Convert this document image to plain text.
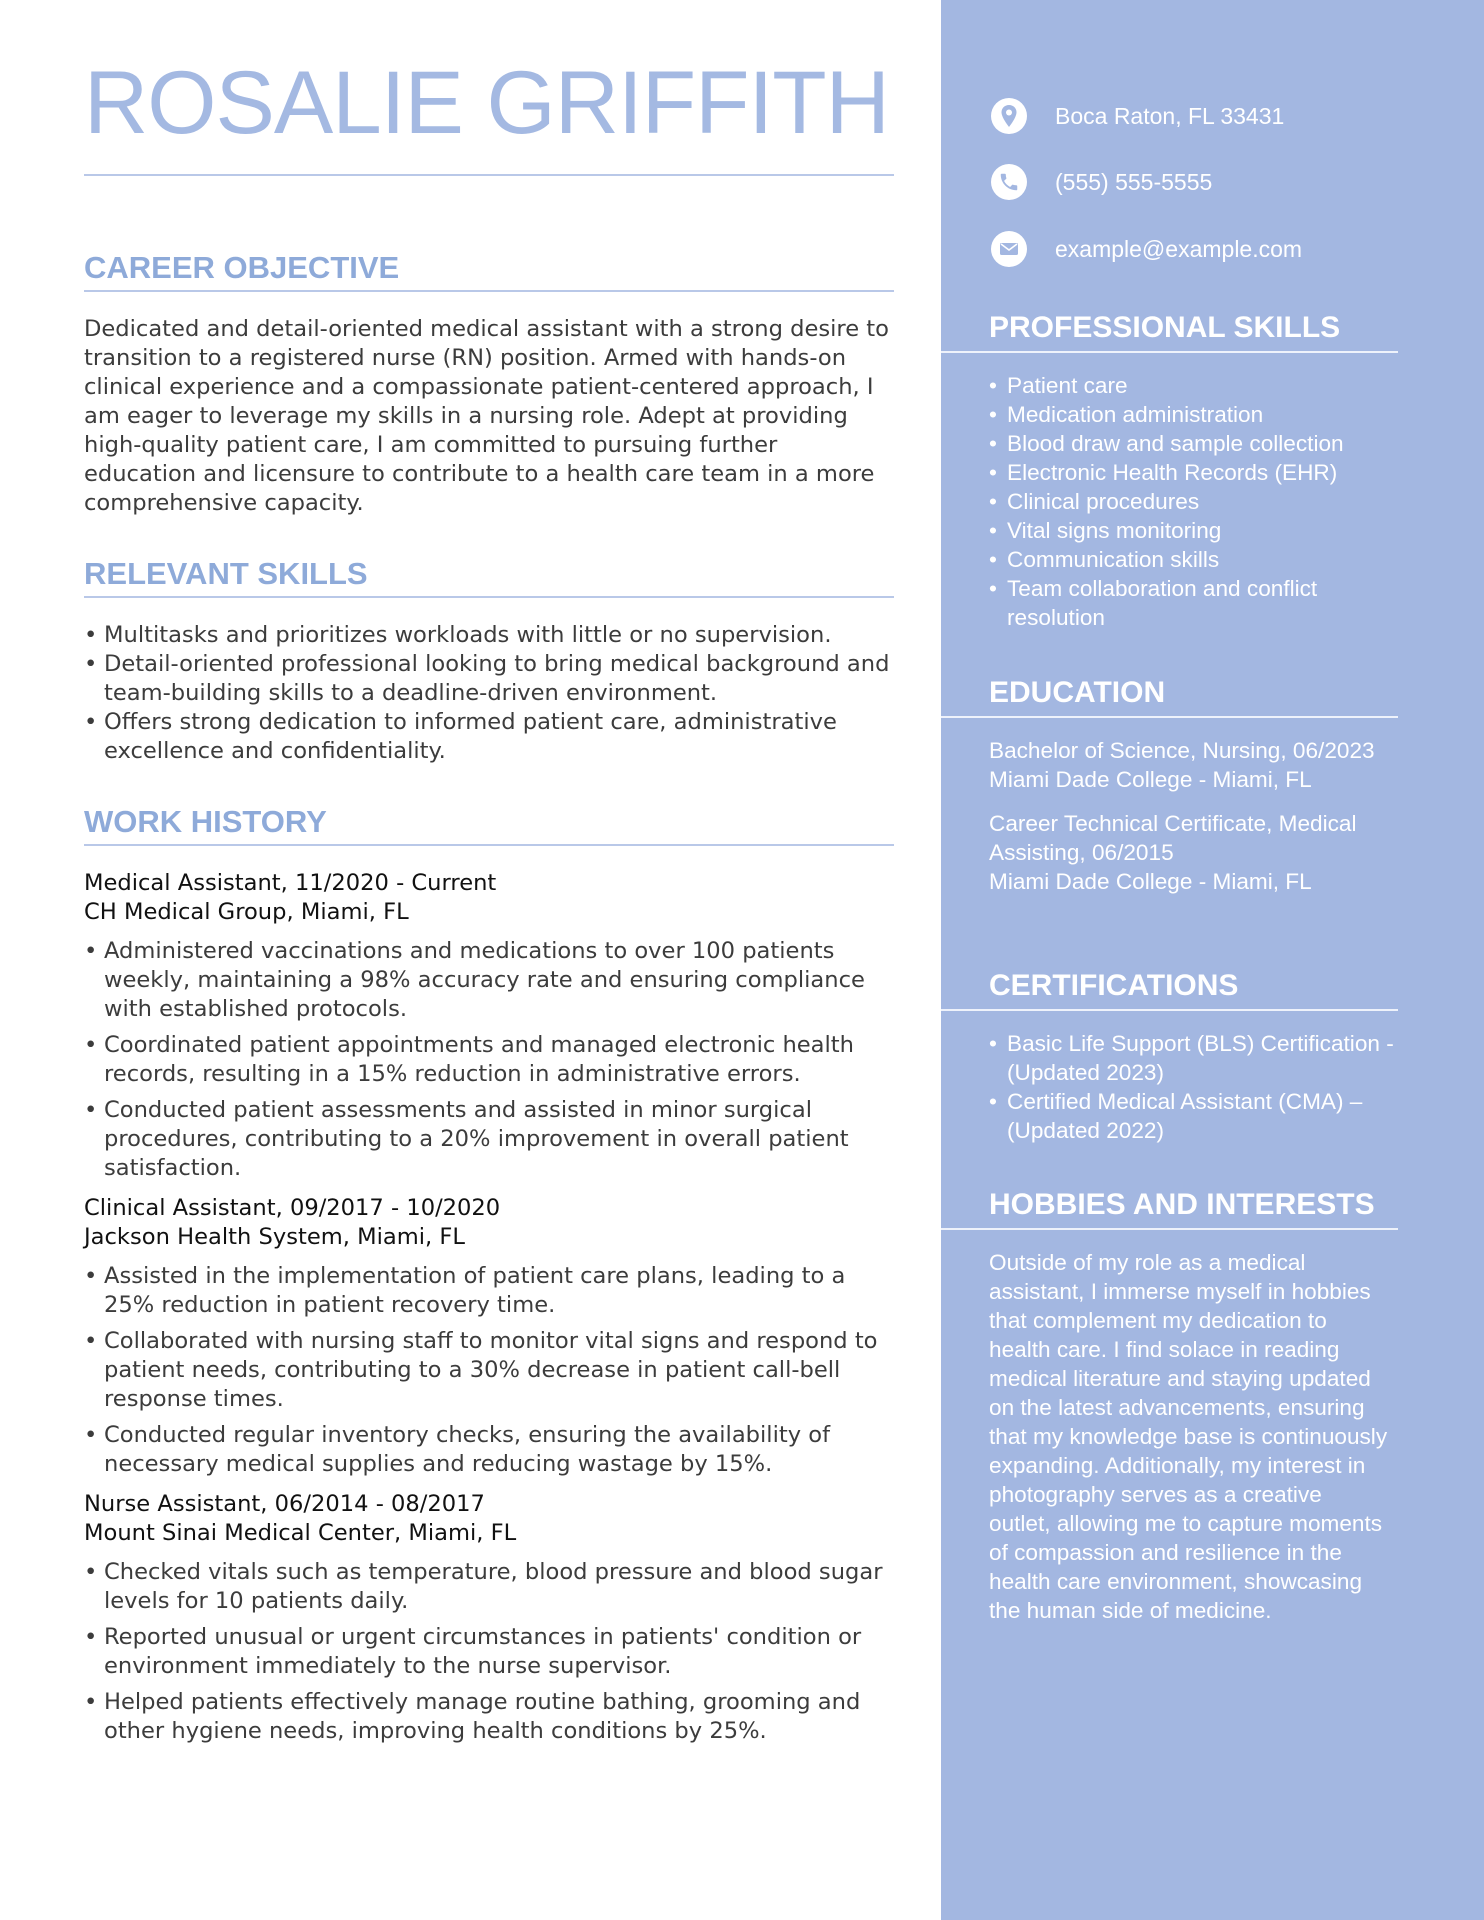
ROSALIE GRIFFITH
CAREER OBJECTIVE

Dedicated and detail-oriented medical assistant with a strong desire to transition to a registered nurse (RN) position. Armed with hands-on clinical experience and a compassionate patient-centered approach, I am eager to leverage my skills in a nursing role. Adept at providing high-quality patient care, I am committed to pursuing further education and licensure to contribute to a health care team in a more comprehensive capacity.

RELEVANT SKILLS
• Multitasks and prioritizes workloads with little or no supervision.
• Detail-oriented professional looking to bring medical background and team-building skills to a deadline-driven environment.
• Offers strong dedication to informed patient care, administrative excellence and confidentiality.
WORK HISTORY
Medical Assistant, 11/2020 - Current
CH Medical Group, Miami, FL
• Administered vaccinations and medications to over 100 patients weekly, maintaining a 98% accuracy rate and ensuring compliance with established protocols.
• Coordinated patient appointments and managed electronic health records, resulting in a 15% reduction in administrative errors.
• Conducted patient assessments and assisted in minor surgical procedures, contributing to a 20% improvement in overall patient satisfaction.
Clinical Assistant, 09/2017 - 10/2020
Jackson Health System, Miami, FL
• Assisted in the implementation of patient care plans, leading to a 25% reduction in patient recovery time.
• Collaborated with nursing staff to monitor vital signs and respond to patient needs, contributing to a 30% decrease in patient call-bell response times.
• Conducted regular inventory checks, ensuring the availability of necessary medical supplies and reducing wastage by 15%.
Nurse Assistant, 06/2014 - 08/2017
Mount Sinai Medical Center, Miami, FL
• Checked vitals such as temperature, blood pressure and blood sugar levels for 10 patients daily.
• Reported unusual or urgent circumstances in patients' condition or environment immediately to the nurse supervisor.
• Helped patients effectively manage routine bathing, grooming and other hygiene needs, improving health conditions by 25%.
Boca Raton, FL 33431
(555) 555-5555
example@example.com
PROFESSIONAL SKILLS
• Patient care
• Medication administration
• Blood draw and sample collection
• Electronic Health Records (EHR)
• Clinical procedures
• Vital signs monitoring
• Communication skills
• Team collaboration and conflict resolution
EDUCATION
Bachelor of Science, Nursing, 06/2023
Miami Dade College - Miami, FL
Career Technical Certificate, Medical Assisting, 06/2015
Miami Dade College - Miami, FL
CERTIFICATIONS
• Basic Life Support (BLS) Certification - (Updated 2023)
• Certified Medical Assistant (CMA) – (Updated 2022)
HOBBIES AND INTERESTS
Outside of my role as a medical assistant, I immerse myself in hobbies that complement my dedication to health care. I find solace in reading medical literature and staying updated on the latest advancements, ensuring that my knowledge base is continuously expanding. Additionally, my interest in photography serves as a creative outlet, allowing me to capture moments of compassion and resilience in the health care environment, showcasing the human side of medicine.
